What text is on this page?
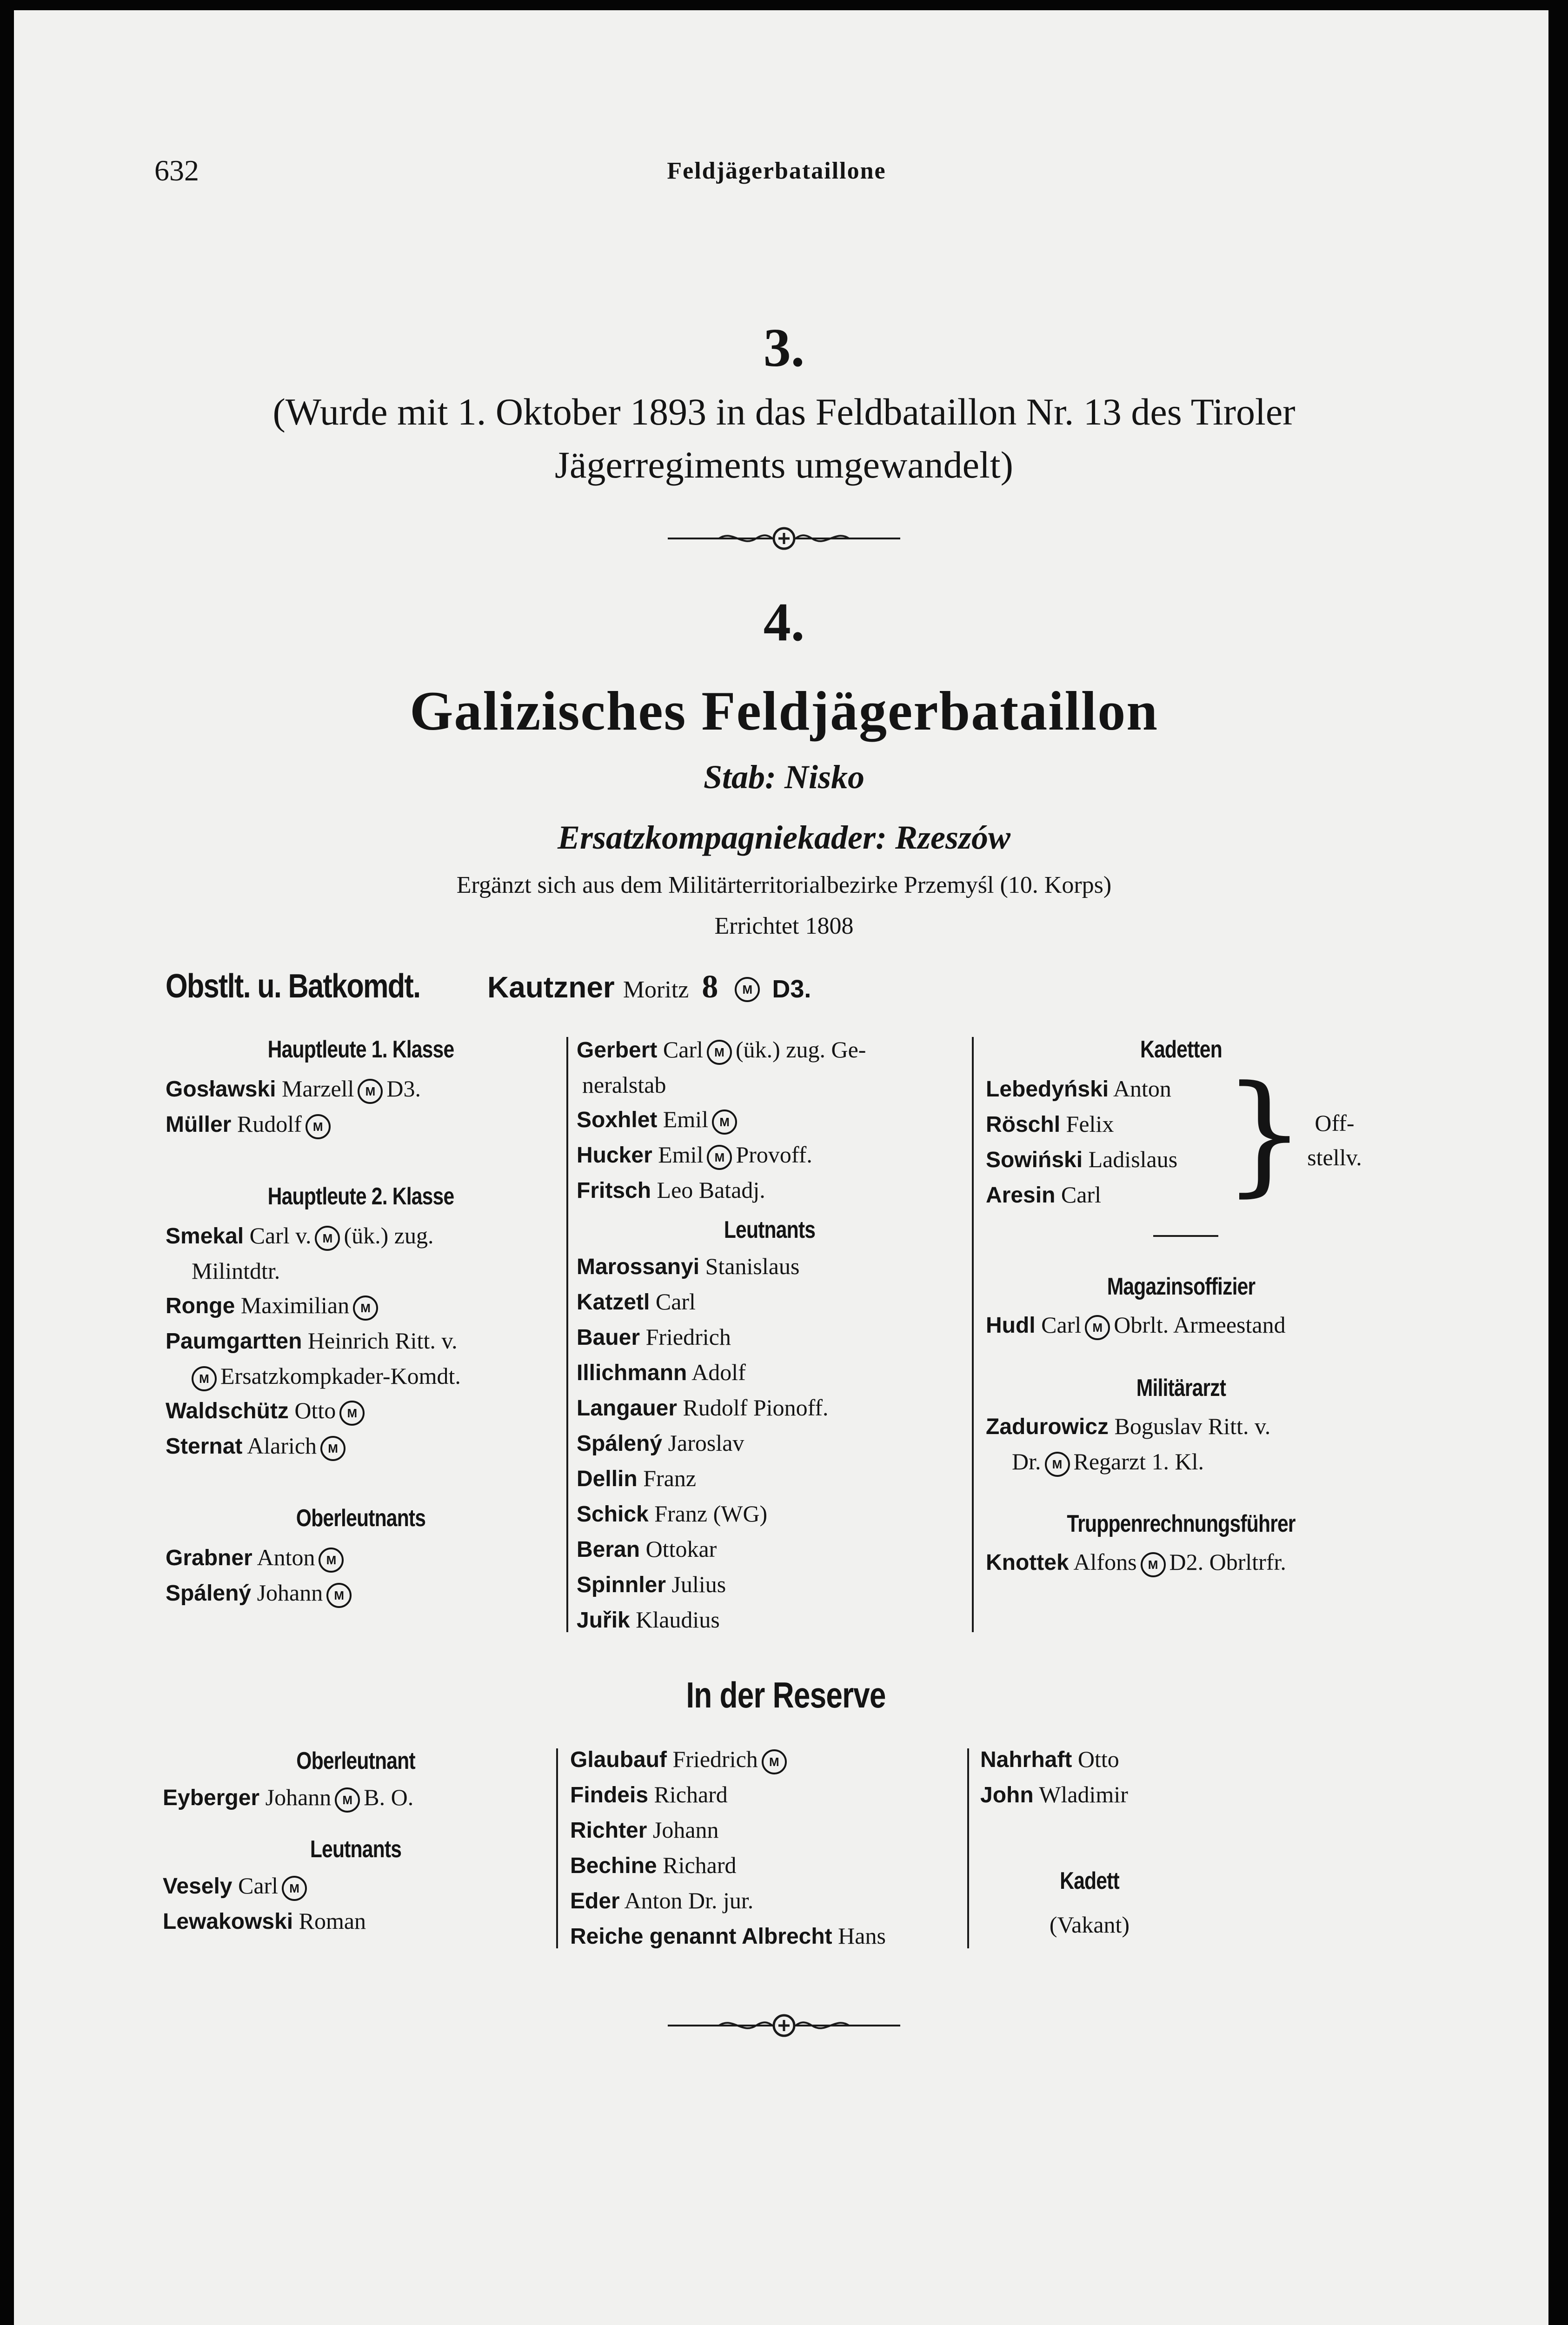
632	Feldjägerbataillone
3.
(Wurde mit 1. Oktober 1893 in das Feldbataillon Nr. 13 des Tiroler
Jägerregiments umgewandelt)
4.
Galizisches Feldjägerbataillon
Stab: Nisko
Ersatzkompagniekader: Rzeszów
Ergänzt sich aus dem Militärterritorialbezirke Przemyśl (10. Korps)
Errichtet 1808
Obstlt. u. Batkomdt. Kautzner Moritz 8 M D3.
Hauptleute 1. Klasse
Gosławski Marzell M D3.
Müller Rudolf M
Hauptleute 2. Klasse
Smekal Carl v. M (ük.) zug.
Milintdtr.
Ronge Maximilian M
Paumgartten Heinrich Ritt. v.
M Ersatzkompkader-Komdt.
Waldschütz Otto M
Sternat Alarich M
Oberleutnants
Grabner Anton M
Spálený Johann M
Gerbert Carl M (ük.) zug. Ge-
neralstab
Soxhlet Emil M
Hucker Emil M Provoff.
Fritsch Leo Batadj.
Leutnants
Marossanyi Stanislaus
Katzetl Carl
Bauer Friedrich
Illichmann Adolf
Langauer Rudolf Pionoff.
Spálený Jaroslav
Dellin Franz
Schick Franz (WG)
Beran Ottokar
Spinnler Julius
Juřik Klaudius
Kadetten
Lebedyński Anton
Röschl Felix
Sowiński Ladislaus
Aresin Carl } Off-
stellv.
Magazinsoffizier
Hudl Carl M Obrlt. Armeestand
Militärarzt
Zadurowicz Boguslav Ritt. v.
Dr. M Regarzt 1. Kl.
Truppenrechnungsführer
Knottek Alfons M D2. Obrltrfr.
In der Reserve
Oberleutnant
Eyberger Johann M B. O.
Leutnants
Vesely Carl M
Lewakowski Roman
Glaubauf Friedrich M
Findeis Richard
Richter Johann
Bechine Richard
Eder Anton Dr. jur.
Reiche genannt Albrecht Hans
Nahrhaft Otto
John Wladimir
Kadett
(Vakant)
